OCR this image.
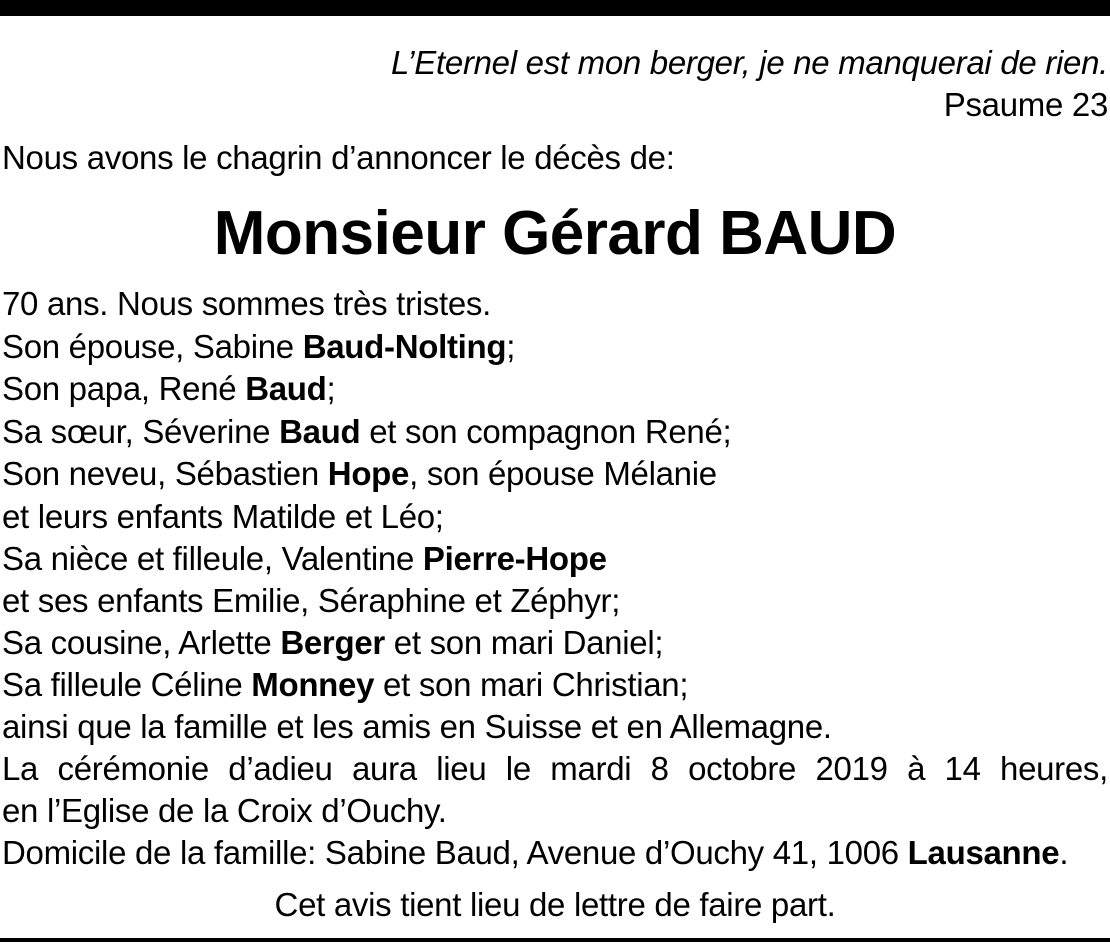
L’Eternel est mon berger, je ne manquerai de rien.
Psaume 23
Nous avons le chagrin d’annoncer le décès de:
Monsieur Gérard BAUD
70 ans. Nous sommes très tristes.
Son épouse, Sabine Baud-Nolting;
Son papa, René Baud;
Sa sœur, Séverine Baud et son compagnon René;
Son neveu, Sébastien Hope, son épouse Mélanie
et leurs enfants Matilde et Léo;
Sa nièce et filleule, Valentine Pierre-Hope
et ses enfants Emilie, Séraphine et Zéphyr;
Sa cousine, Arlette Berger et son mari Daniel;
Sa filleule Céline Monney et son mari Christian;
ainsi que la famille et les amis en Suisse et en Allemagne.
La cérémonie d’adieu aura lieu le mardi 8 octobre 2019 à 14 heures,
en l’Eglise de la Croix d’Ouchy.
Domicile de la famille: Sabine Baud, Avenue d’Ouchy 41, 1006 Lausanne.
Cet avis tient lieu de lettre de faire part.
